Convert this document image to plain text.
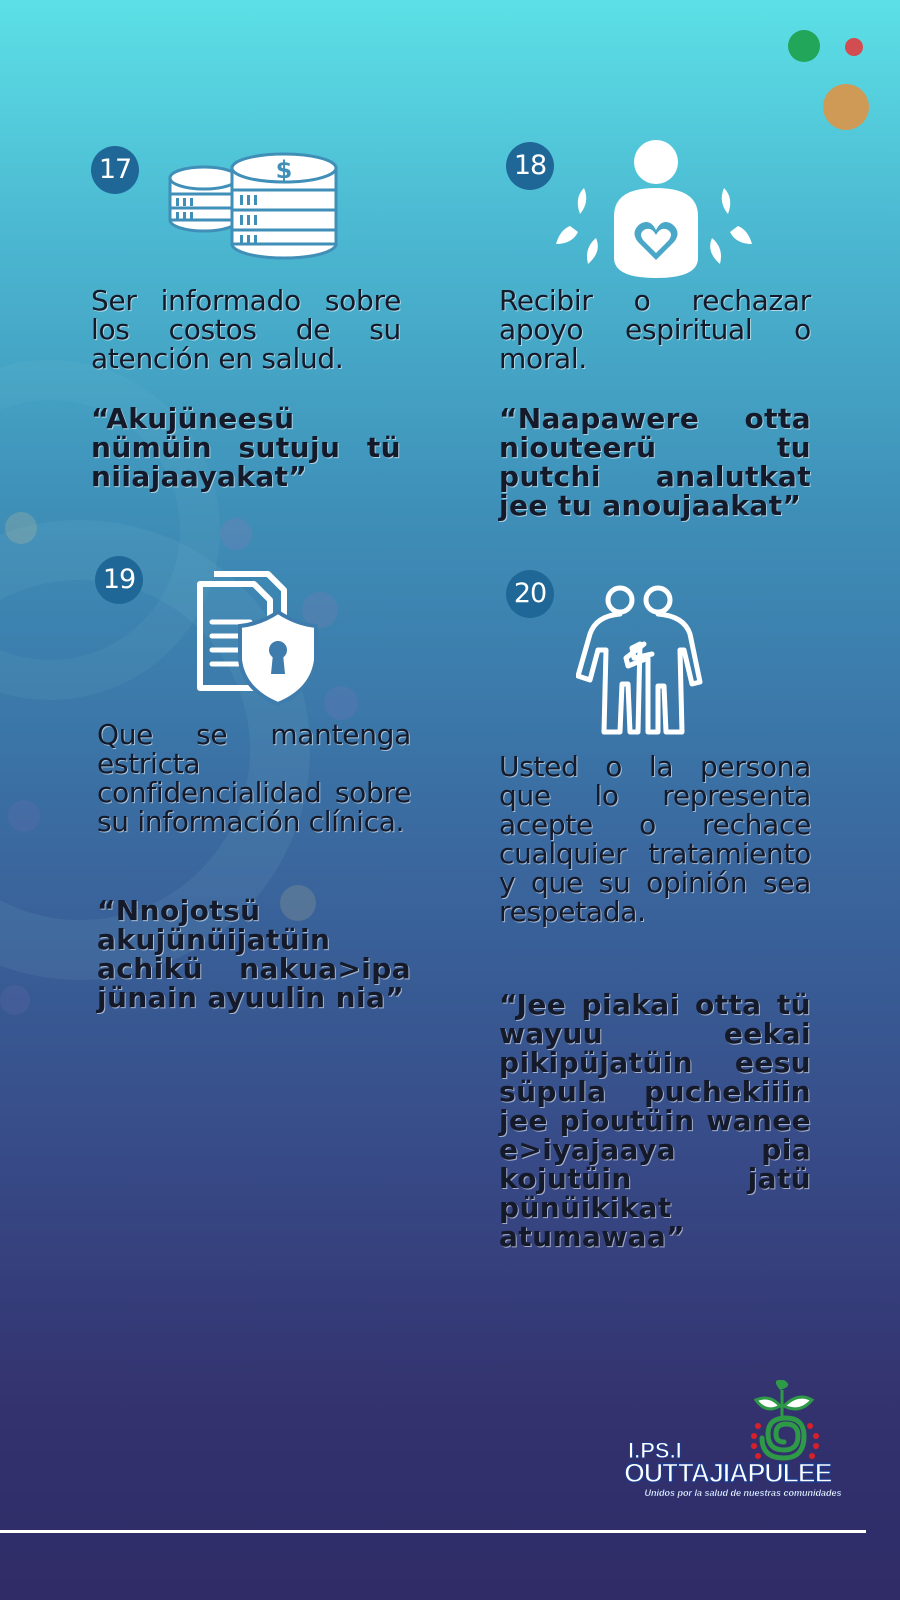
17	$

Ser informado sobre los costos de su atención en salud.

“Akujüneesü nümüin sutuju tü niiajaayakat”

18

Recibir o rechazar apoyo espiritual o moral.

“Naapawere otta niouteerü tu putchi analutkat jee tu anoujaakat”

19

Que se mantenga estricta confidencialidad sobre su información clínica.

“Nnojotsü akujünüijatüin achikü nakua>ipa jünain ayuulin nia”

20

Usted o la persona que lo representa acepte o rechace cualquier tratamiento y que su opinión sea respetada.

“Jee piakai otta tü wayuu eekai pikipüjatüin eesu süpula puchekiiin jee pioutüin wanee e>iyajaaya pia kojutüin jatü pünüikikat atumawaa”

I.PS.I
OUTTAJIAPULEE
Unidos por la salud de nuestras comunidades
